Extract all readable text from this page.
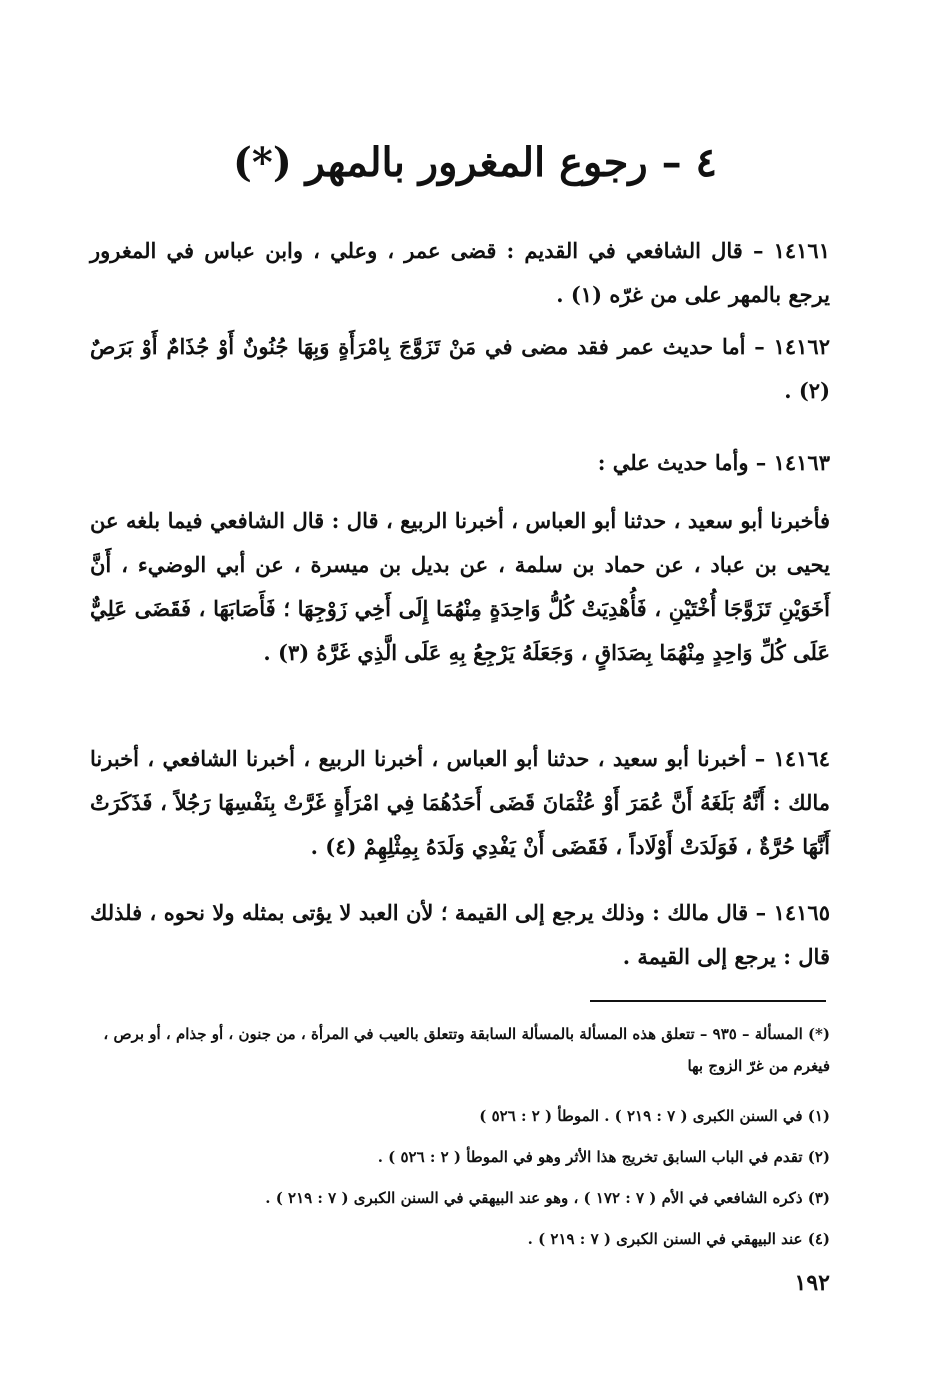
٤ – رجوع المغرور بالمهر (*)

١٤١٦١ – قال الشافعي في القديم : قضى عمر ، وعلي ، وابن عباس في المغرور يرجع بالمهر على من غرّه (١) .

١٤١٦٢ – أما حديث عمر فقد مضى في مَنْ تَزَوَّجَ بِامْرَأَةٍ وَبِهَا جُنُونٌ أَوْ جُذَامٌ أَوْ بَرَصٌ (٢) .

١٤١٦٣ – وأما حديث علي :

فأخبرنا أبو سعيد ، حدثنا أبو العباس ، أخبرنا الربيع ، قال : قال الشافعي فيما بلغه عن يحيى بن عباد ، عن حماد بن سلمة ، عن بديل بن ميسرة ، عن أبي الوضيء ، أَنَّ أَخَوَيْنِ تَزَوَّجَا أُخْتَيْنِ ، فَأُهْدِيَتْ كُلُّ وَاحِدَةٍ مِنْهُمَا إِلَى أَخِي زَوْجِهَا ؛ فَأَصَابَهَا ، فَقَضَى عَلِيٌّ عَلَى كُلِّ وَاحِدٍ مِنْهُمَا بِصَدَاقٍ ، وَجَعَلَهُ يَرْجِعُ بِهِ عَلَى الَّذِي غَرَّهُ (٣) .

١٤١٦٤ – أخبرنا أبو سعيد ، حدثنا أبو العباس ، أخبرنا الربيع ، أخبرنا الشافعي ، أخبرنا مالك : أَنَّهُ بَلَغَهُ أَنَّ عُمَرَ أَوْ عُثْمَانَ قَضَى أَحَدُهُمَا فِي امْرَأَةٍ غَرَّتْ بِنَفْسِهَا رَجُلاً ، فَذَكَرَتْ أَنَّهَا حُرَّةٌ ، فَوَلَدَتْ أَوْلَاداً ، فَقَضَى أَنْ يَفْدِي وَلَدَهُ بِمِثْلِهِمْ (٤) .

١٤١٦٥ – قال مالك : وذلك يرجع إلى القيمة ؛ لأن العبد لا يؤتى بمثله ولا نحوه ، فلذلك قال : يرجع إلى القيمة .

(*) المسألة – ٩٣٥ – تتعلق هذه المسألة بالمسألة السابقة وتتعلق بالعيب في المرأة ، من جنون ، أو جذام ، أو برص ، فيغرم من غرّ الزوج بها
(١) في السنن الكبرى ( ٧ : ٢١٩ ) . الموطأ ( ٢ : ٥٢٦ )
(٢) تقدم في الباب السابق تخريج هذا الأثر وهو في الموطأ ( ٢ : ٥٢٦ ) .
(٣) ذكره الشافعي في الأم ( ٧ : ١٧٢ ) ، وهو عند البيهقي في السنن الكبرى ( ٧ : ٢١٩ ) .
(٤) عند البيهقي في السنن الكبرى ( ٧ : ٢١٩ ) .
١٩٢
